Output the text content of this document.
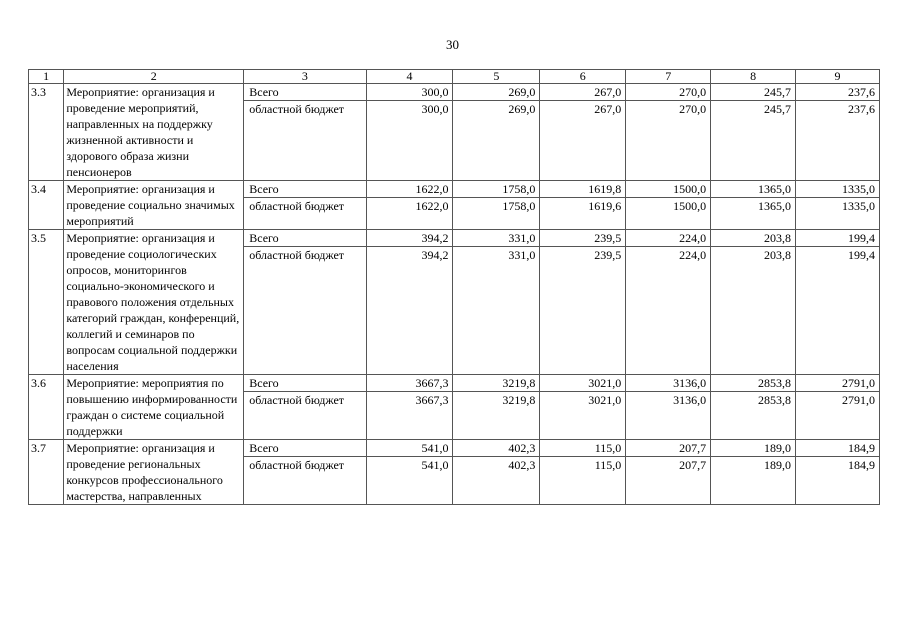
30
1	2	3	4	5	6	7	8	9
3.3	Мероприятие: организация и проведение мероприятий, направленных на поддержку жизненной активности и здорового образа жизни пенсионеров	Всего	300,0	269,0	267,0	270,0	245,7	237,6
		областной бюджет	300,0	269,0	267,0	270,0	245,7	237,6
3.4	Мероприятие: организация и проведение социально значимых мероприятий	Всего	1622,0	1758,0	1619,8	1500,0	1365,0	1335,0
		областной бюджет	1622,0	1758,0	1619,6	1500,0	1365,0	1335,0
3.5	Мероприятие: организация и проведение социологических опросов, мониторингов социально-экономического и правового положения отдельных категорий граждан, конференций, коллегий и семинаров по вопросам социальной поддержки населения	Всего	394,2	331,0	239,5	224,0	203,8	199,4
		областной бюджет	394,2	331,0	239,5	224,0	203,8	199,4
3.6	Мероприятие: мероприятия по повышению информированности граждан о системе социальной поддержки	Всего	3667,3	3219,8	3021,0	3136,0	2853,8	2791,0
		областной бюджет	3667,3	3219,8	3021,0	3136,0	2853,8	2791,0
3.7	Мероприятие: организация и проведение региональных конкурсов профессионального мастерства, направленных	Всего	541,0	402,3	115,0	207,7	189,0	184,9
		областной бюджет	541,0	402,3	115,0	207,7	189,0	184,9
